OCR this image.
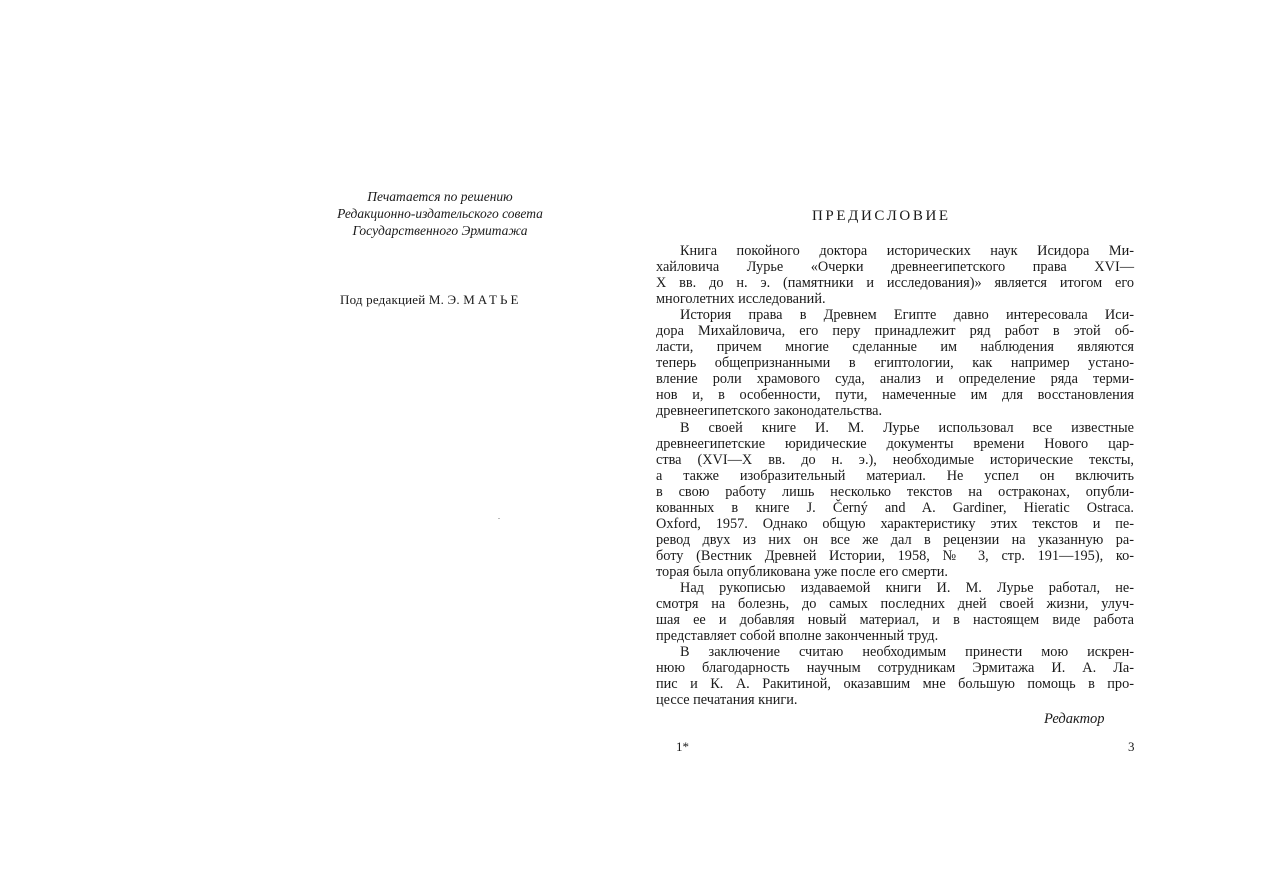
Печатается по решению
Редакционно-издательского совета
Государственного Эрмитажа
Под редакцией М. Э. МАТЬЕ
ПРЕДИСЛОВИЕ
Книга покойного доктора исторических наук Исидора Ми-
хайловича Лурье «Очерки древнеегипетского права XVI—
X вв. до н. э. (памятники и исследования)» является итогом его
многолетних исследований.
История права в Древнем Египте давно интересовала Иси-
дора Михайловича, его перу принадлежит ряд работ в этой об-
ласти, причем многие сделанные им наблюдения являются
теперь общепризнанными в египтологии, как например устано-
вление роли храмового суда, анализ и определение ряда терми-
нов и, в особенности, пути, намеченные им для восстановления
древнеегипетского законодательства.
В своей книге И. М. Лурье использовал все известные
древнеегипетские юридические документы времени Нового цар-
ства (XVI—X вв. до н. э.), необходимые исторические тексты,
а также изобразительный материал. Не успел он включить
в свою работу лишь несколько текстов на остраконах, опубли-
кованных в книге J. Černý and A. Gardiner, Hieratic Ostraca.
Oxford, 1957. Однако общую характеристику этих текстов и пе-
ревод двух из них он все же дал в рецензии на указанную ра-
боту (Вестник Древней Истории, 1958, № 3, стр. 191—195), ко-
торая была опубликована уже после его смерти.
Над рукописью издаваемой книги И. М. Лурье работал, не-
смотря на болезнь, до самых последних дней своей жизни, улуч-
шая ее и добавляя новый материал, и в настоящем виде работа
представляет собой вполне законченный труд.
В заключение считаю необходимым принести мою искрен-
нюю благодарность научным сотрудникам Эрмитажа И. А. Ла-
пис и К. А. Ракитиной, оказавшим мне большую помощь в про-
цессе печатания книги.
Редактор
1*	3
